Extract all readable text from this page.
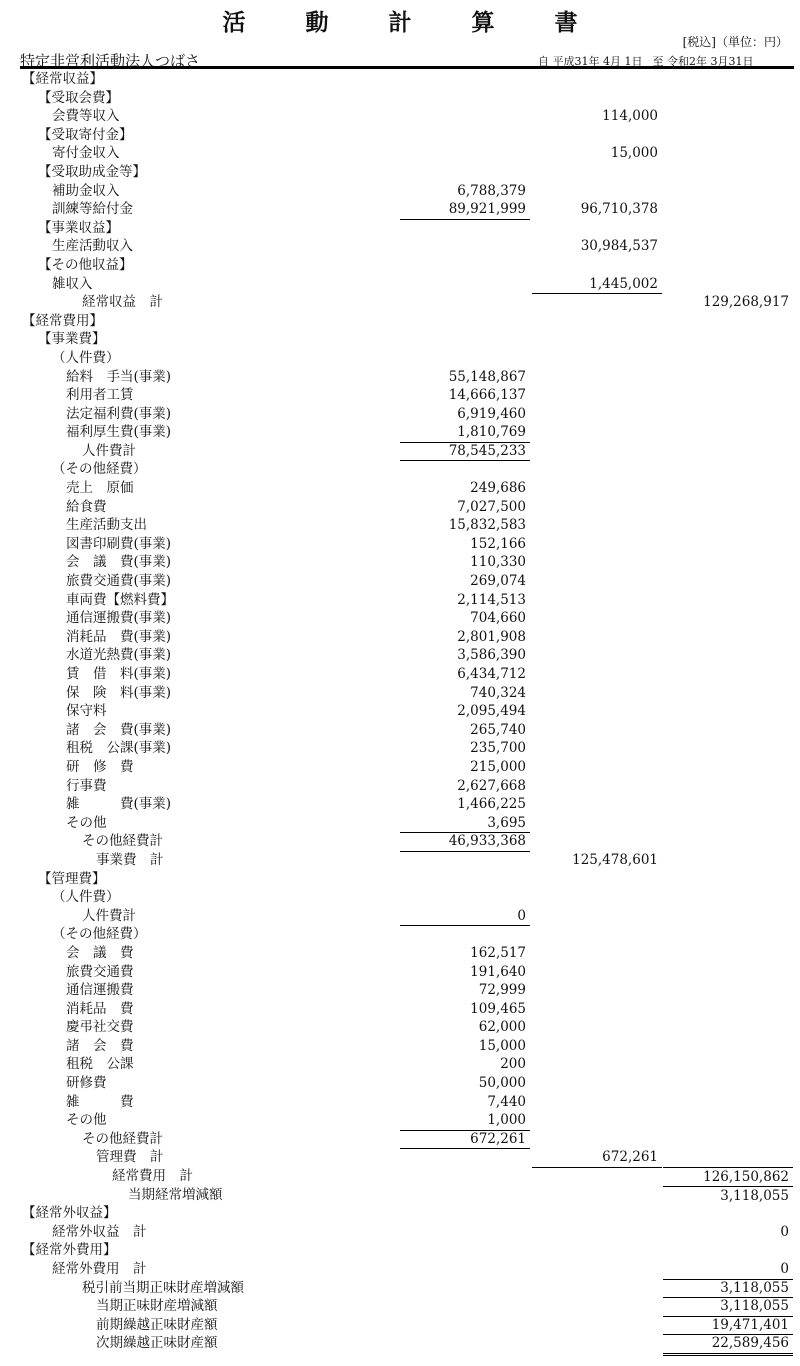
活 動 計 算 書
[税込]（単位：円）
特定非営利活動法人つばさ	自 平成31年 4月 1日 至 令和2年 3月31日
【経常収益】
【受取会費】
会費等収入	114,000
【受取寄付金】
寄付金収入	15,000
【受取助成金等】
補助金収入	6,788,379
訓練等給付金	89,921,999	96,710,378
【事業収益】
生産活動収入	30,984,537
【その他収益】
雑収入	1,445,002
経常収益　計	129,268,917
【経常費用】
【事業費】
（人件費）
給料　手当(事業)	55,148,867
利用者工賃	14,666,137
法定福利費(事業)	6,919,460
福利厚生費(事業)	1,810,769
人件費計	78,545,233
（その他経費）
売上　原価	249,686
給食費	7,027,500
生産活動支出	15,832,583
図書印刷費(事業)	152,166
会　議　費(事業)	110,330
旅費交通費(事業)	269,074
車両費【燃料費】	2,114,513
通信運搬費(事業)	704,660
消耗品　費(事業)	2,801,908
水道光熱費(事業)	3,586,390
賃　借　料(事業)	6,434,712
保　険　料(事業)	740,324
保守料	2,095,494
諸　会　費(事業)	265,740
租税　公課(事業)	235,700
研　修　費	215,000
行事費	2,627,668
雑　　　費(事業)	1,466,225
その他	3,695
その他経費計	46,933,368
事業費　計	125,478,601
【管理費】
（人件費）
人件費計	0
（その他経費）
会　議　費	162,517
旅費交通費	191,640
通信運搬費	72,999
消耗品　費	109,465
慶弔社交費	62,000
諸　会　費	15,000
租税　公課	200
研修費	50,000
雑　　　費	7,440
その他	1,000
その他経費計	672,261
管理費　計	672,261
経常費用　計	126,150,862
当期経常増減額	3,118,055
【経常外収益】
経常外収益　計	0
【経常外費用】
経常外費用　計	0
税引前当期正味財産増減額	3,118,055
当期正味財産増減額	3,118,055
前期繰越正味財産額	19,471,401
次期繰越正味財産額	22,589,456
